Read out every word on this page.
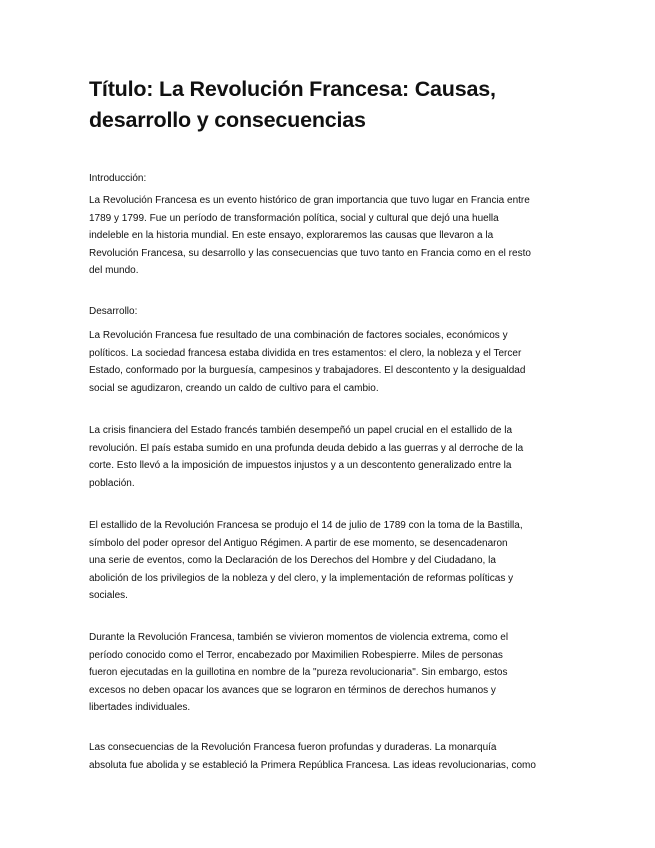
Título: La Revolución Francesa: Causas,
desarrollo y consecuencias

Introducción:

La Revolución Francesa es un evento histórico de gran importancia que tuvo lugar en Francia entre
1789 y 1799. Fue un período de transformación política, social y cultural que dejó una huella
indeleble en la historia mundial. En este ensayo, exploraremos las causas que llevaron a la
Revolución Francesa, su desarrollo y las consecuencias que tuvo tanto en Francia como en el resto
del mundo.

Desarrollo:

La Revolución Francesa fue resultado de una combinación de factores sociales, económicos y
políticos. La sociedad francesa estaba dividida en tres estamentos: el clero, la nobleza y el Tercer
Estado, conformado por la burguesía, campesinos y trabajadores. El descontento y la desigualdad
social se agudizaron, creando un caldo de cultivo para el cambio.

La crisis financiera del Estado francés también desempeñó un papel crucial en el estallido de la
revolución. El país estaba sumido en una profunda deuda debido a las guerras y al derroche de la
corte. Esto llevó a la imposición de impuestos injustos y a un descontento generalizado entre la
población.

El estallido de la Revolución Francesa se produjo el 14 de julio de 1789 con la toma de la Bastilla,
símbolo del poder opresor del Antiguo Régimen. A partir de ese momento, se desencadenaron
una serie de eventos, como la Declaración de los Derechos del Hombre y del Ciudadano, la
abolición de los privilegios de la nobleza y del clero, y la implementación de reformas políticas y
sociales.

Durante la Revolución Francesa, también se vivieron momentos de violencia extrema, como el
período conocido como el Terror, encabezado por Maximilien Robespierre. Miles de personas
fueron ejecutadas en la guillotina en nombre de la "pureza revolucionaria". Sin embargo, estos
excesos no deben opacar los avances que se lograron en términos de derechos humanos y
libertades individuales.

Las consecuencias de la Revolución Francesa fueron profundas y duraderas. La monarquía
absoluta fue abolida y se estableció la Primera República Francesa. Las ideas revolucionarias, como
